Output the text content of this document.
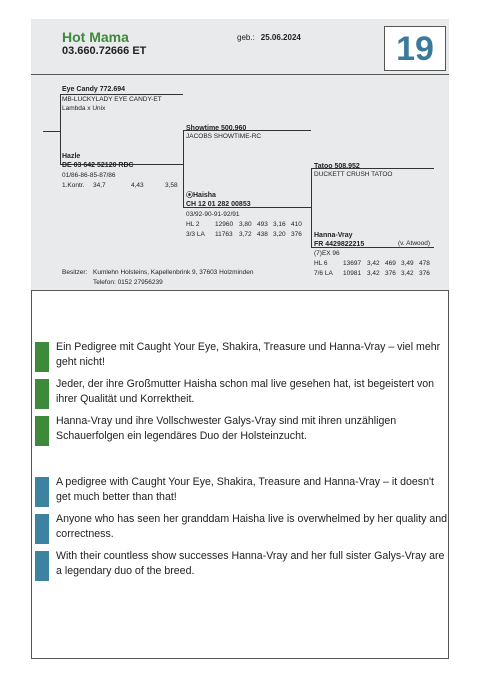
Hot Mama
03.660.72666 ET
geb.: 25.06.2024	19
Eye Candy 772.694
MB-LUCKYLADY EYE CANDY-ET
Lambda x Unix
Hazle
DE 03 642 52120 RDC
01/86-86-85-87/86
1.Kontr. 34,7	4,43	3,58
Showtime 500.960
JACOBS SHOWTIME-RC
⦿Haisha
CH 12 01 282 00853
03/92-90-91-92/91
HL 2 12960 3,80 493 3,16 410
3/3 LA 11763 3,72 438 3,20 376
Tatoo 508.952
DUCKETT CRUSH TATOO
Hanna-Vray
FR 4429822215	(v. Atwood)
(7)EX 96
HL 6 13697 3,42 469 3,49 478
7/6 LA 10981 3,42 376 3,42 376
Besitzer: Kumlehn Holsteins, Kapellenbrink 9, 37603 Holzminden
Telefon: 0152 27956239
Ein Pedigree mit Caught Your Eye, Shakira, Treasure und Hanna-Vray – viel mehr geht nicht!
Jeder, der ihre Großmutter Haisha schon mal live gesehen hat, ist begeistert von ihrer Qualität und Korrektheit.
Hanna-Vray und ihre Vollschwester Galys-Vray sind mit ihren unzähligen Schauerfolgen ein legendäres Duo der Holsteinzucht.
A pedigree with Caught Your Eye, Shakira, Treasure and Hanna-Vray – it doesn't get much better than that!
Anyone who has seen her granddam Haisha live is overwhelmed by her quality and correctness.
With their countless show successes Hanna-Vray and her full sister Galys-Vray are a legendary duo of the breed.
